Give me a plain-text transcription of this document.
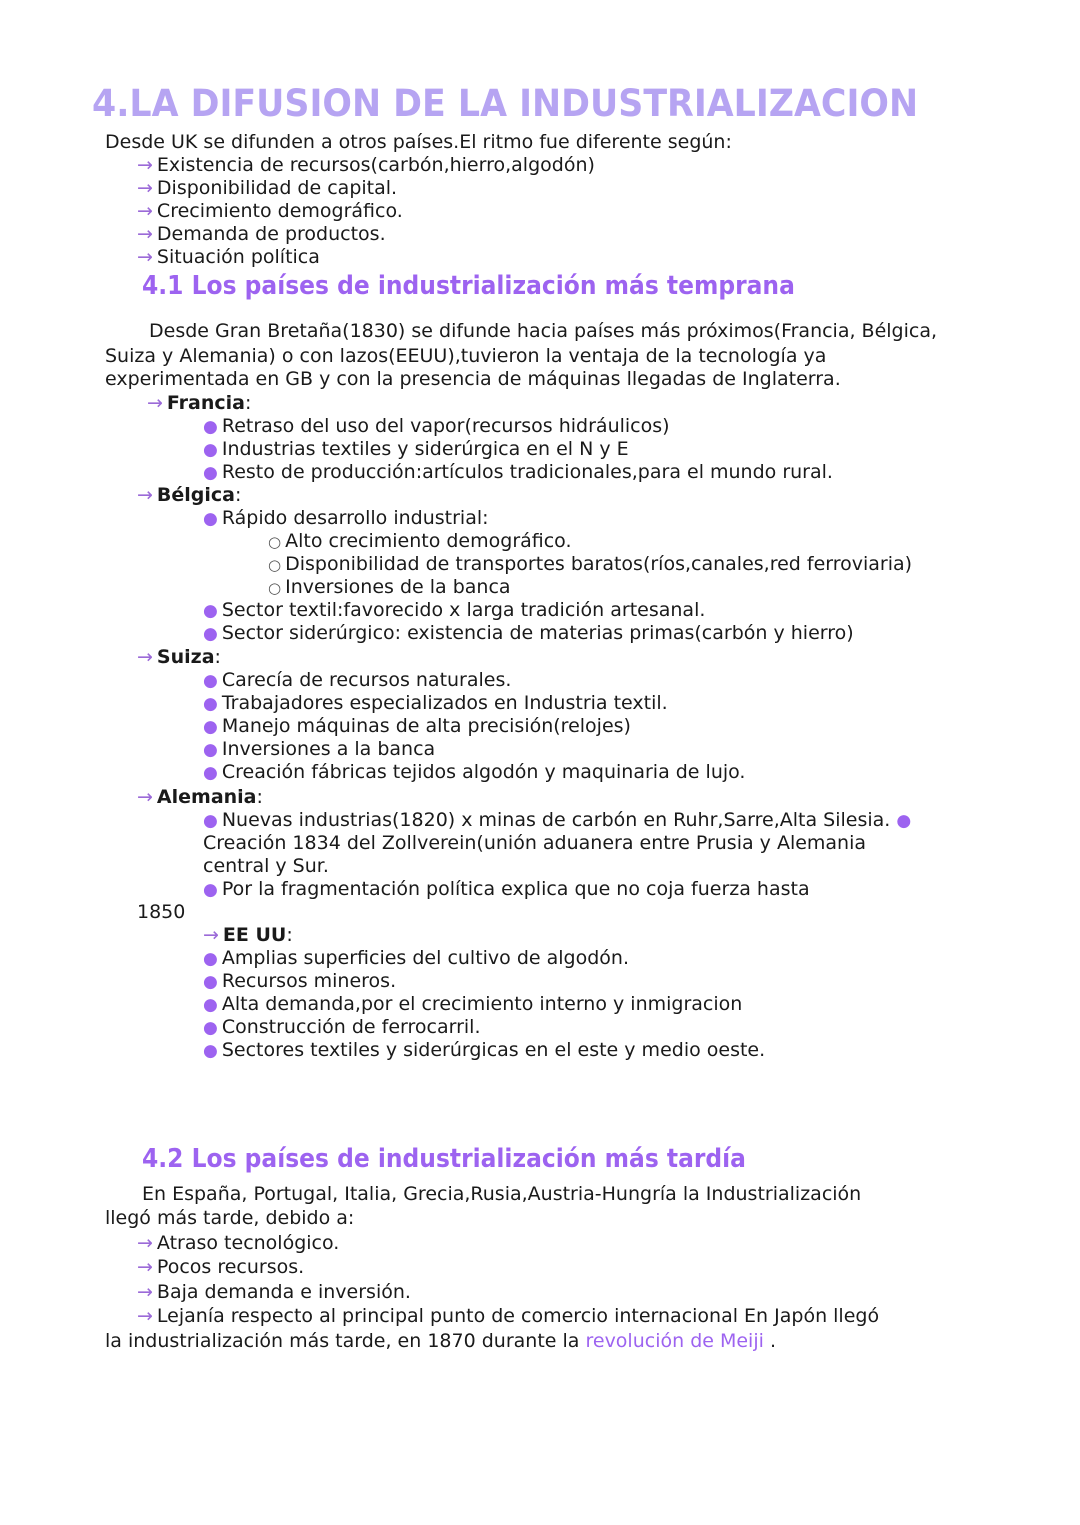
4.LA DIFUSION DE LA INDUSTRIALIZACION
Desde UK se difunden a otros países.El ritmo fue diferente según:
→ Existencia de recursos(carbón,hierro,algodón)
→ Disponibilidad de capital.
→ Crecimiento demográfico.
→ Demanda de productos.
→ Situación política
4.1 Los países de industrialización más temprana
Desde Gran Bretaña(1830) se difunde hacia países más próximos(Francia, Bélgica,
Suiza y Alemania) o con lazos(EEUU),tuvieron la ventaja de la tecnología ya
experimentada en GB y con la presencia de máquinas llegadas de Inglaterra.
→ Francia:
● Retraso del uso del vapor(recursos hidráulicos)
● Industrias textiles y siderúrgica en el N y E
● Resto de producción:artículos tradicionales,para el mundo rural.
→ Bélgica:
● Rápido desarrollo industrial:
○ Alto crecimiento demográfico.
○ Disponibilidad de transportes baratos(ríos,canales,red ferroviaria)
○ Inversiones de la banca
● Sector textil:favorecido x larga tradición artesanal.
● Sector siderúrgico: existencia de materias primas(carbón y hierro)
→ Suiza:
● Carecía de recursos naturales.
● Trabajadores especializados en Industria textil.
● Manejo máquinas de alta precisión(relojes)
● Inversiones a la banca
● Creación fábricas tejidos algodón y maquinaria de lujo.
→ Alemania:
● Nuevas industrias(1820) x minas de carbón en Ruhr,Sarre,Alta Silesia. ●
Creación 1834 del Zollverein(unión aduanera entre Prusia y Alemania
central y Sur.
● Por la fragmentación política explica que no coja fuerza hasta
1850
→ EE UU:
● Amplias superficies del cultivo de algodón.
● Recursos mineros.
● Alta demanda,por el crecimiento interno y inmigracion
● Construcción de ferrocarril.
● Sectores textiles y siderúrgicas en el este y medio oeste.
4.2 Los países de industrialización más tardía
En España, Portugal, Italia, Grecia,Rusia,Austria-Hungría la Industrialización
llegó más tarde, debido a:
→ Atraso tecnológico.
→ Pocos recursos.
→ Baja demanda e inversión.
→ Lejanía respecto al principal punto de comercio internacional En Japón llegó
la industrialización más tarde, en 1870 durante la revolución de Meiji .
